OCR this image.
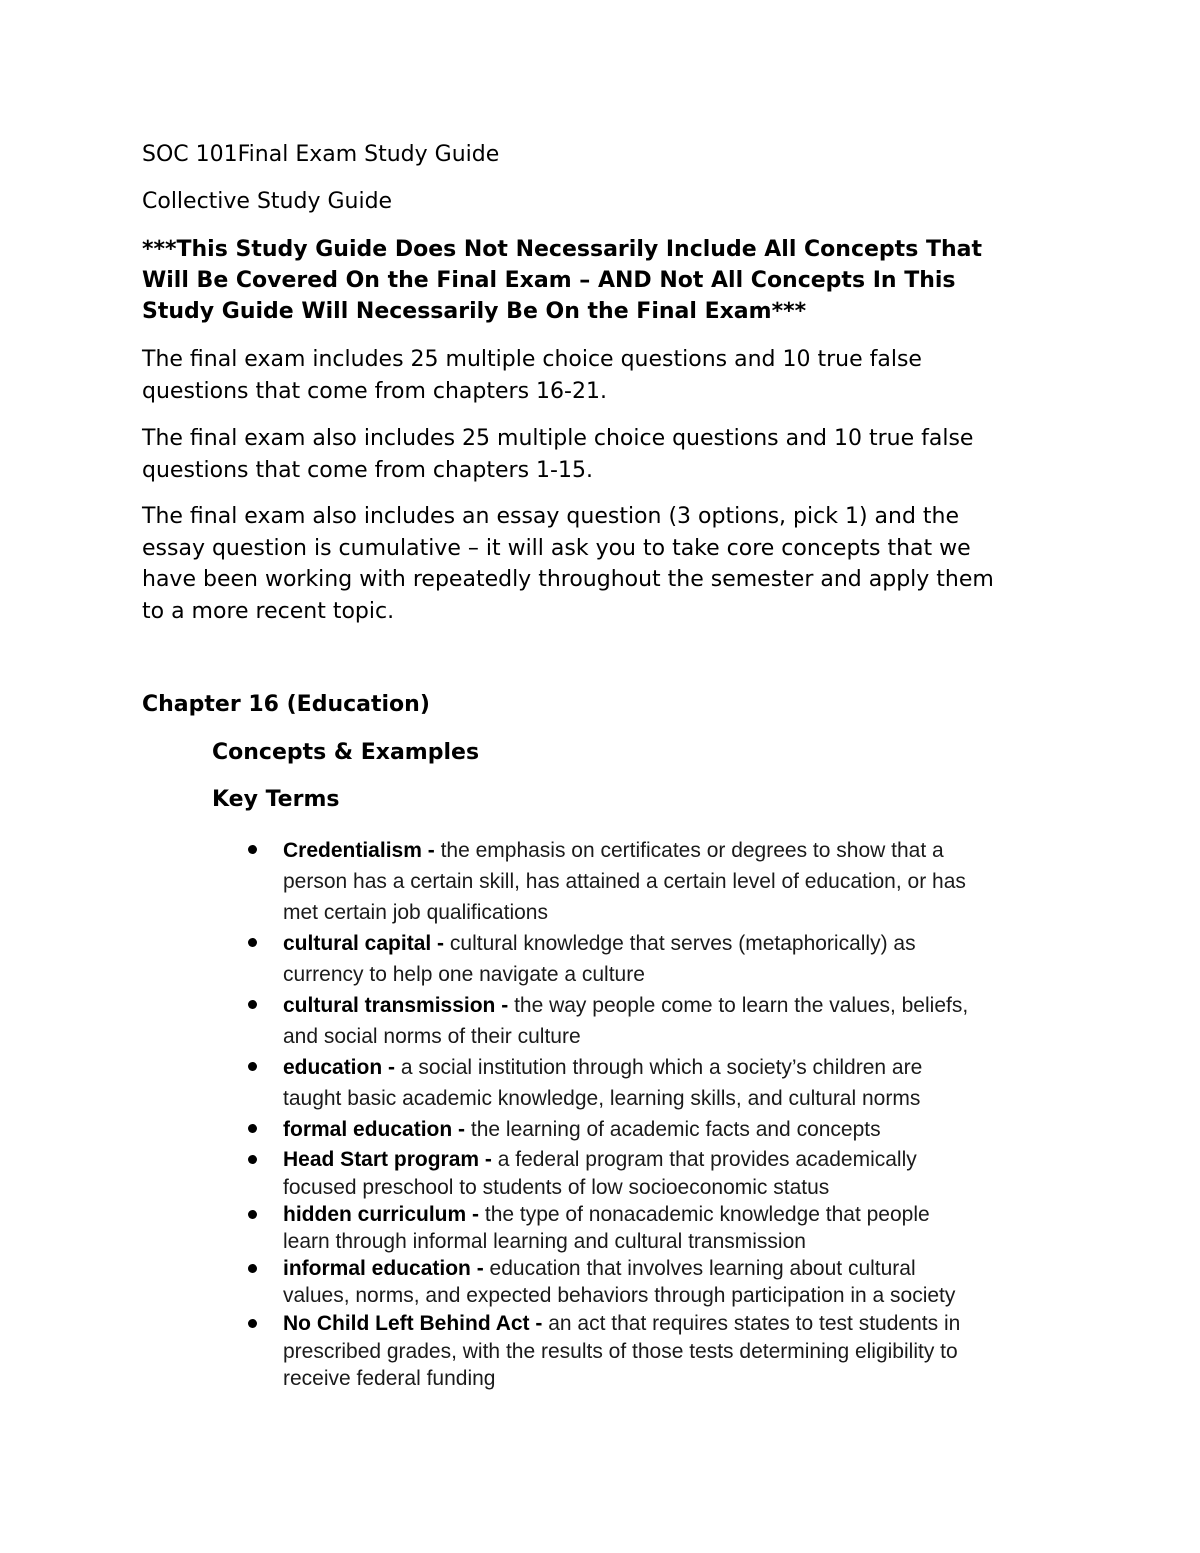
SOC 101Final Exam Study Guide
Collective Study Guide
***This Study Guide Does Not Necessarily Include All Concepts That
Will Be Covered On the Final Exam – AND Not All Concepts In This
Study Guide Will Necessarily Be On the Final Exam***
The final exam includes 25 multiple choice questions and 10 true false
questions that come from chapters 16-21.
The final exam also includes 25 multiple choice questions and 10 true false
questions that come from chapters 1-15.
The final exam also includes an essay question (3 options, pick 1) and the
essay question is cumulative – it will ask you to take core concepts that we
have been working with repeatedly throughout the semester and apply them
to a more recent topic.
Chapter 16 (Education)
Concepts & Examples
Key Terms
Credentialism - the emphasis on certificates or degrees to show that a
person has a certain skill, has attained a certain level of education, or has
met certain job qualifications
cultural capital - cultural knowledge that serves (metaphorically) as
currency to help one navigate a culture
cultural transmission - the way people come to learn the values, beliefs,
and social norms of their culture
education - a social institution through which a society’s children are
taught basic academic knowledge, learning skills, and cultural norms
formal education - the learning of academic facts and concepts
Head Start program - a federal program that provides academically
focused preschool to students of low socioeconomic status
hidden curriculum - the type of nonacademic knowledge that people
learn through informal learning and cultural transmission
informal education - education that involves learning about cultural
values, norms, and expected behaviors through participation in a society
No Child Left Behind Act - an act that requires states to test students in
prescribed grades, with the results of those tests determining eligibility to
receive federal funding
